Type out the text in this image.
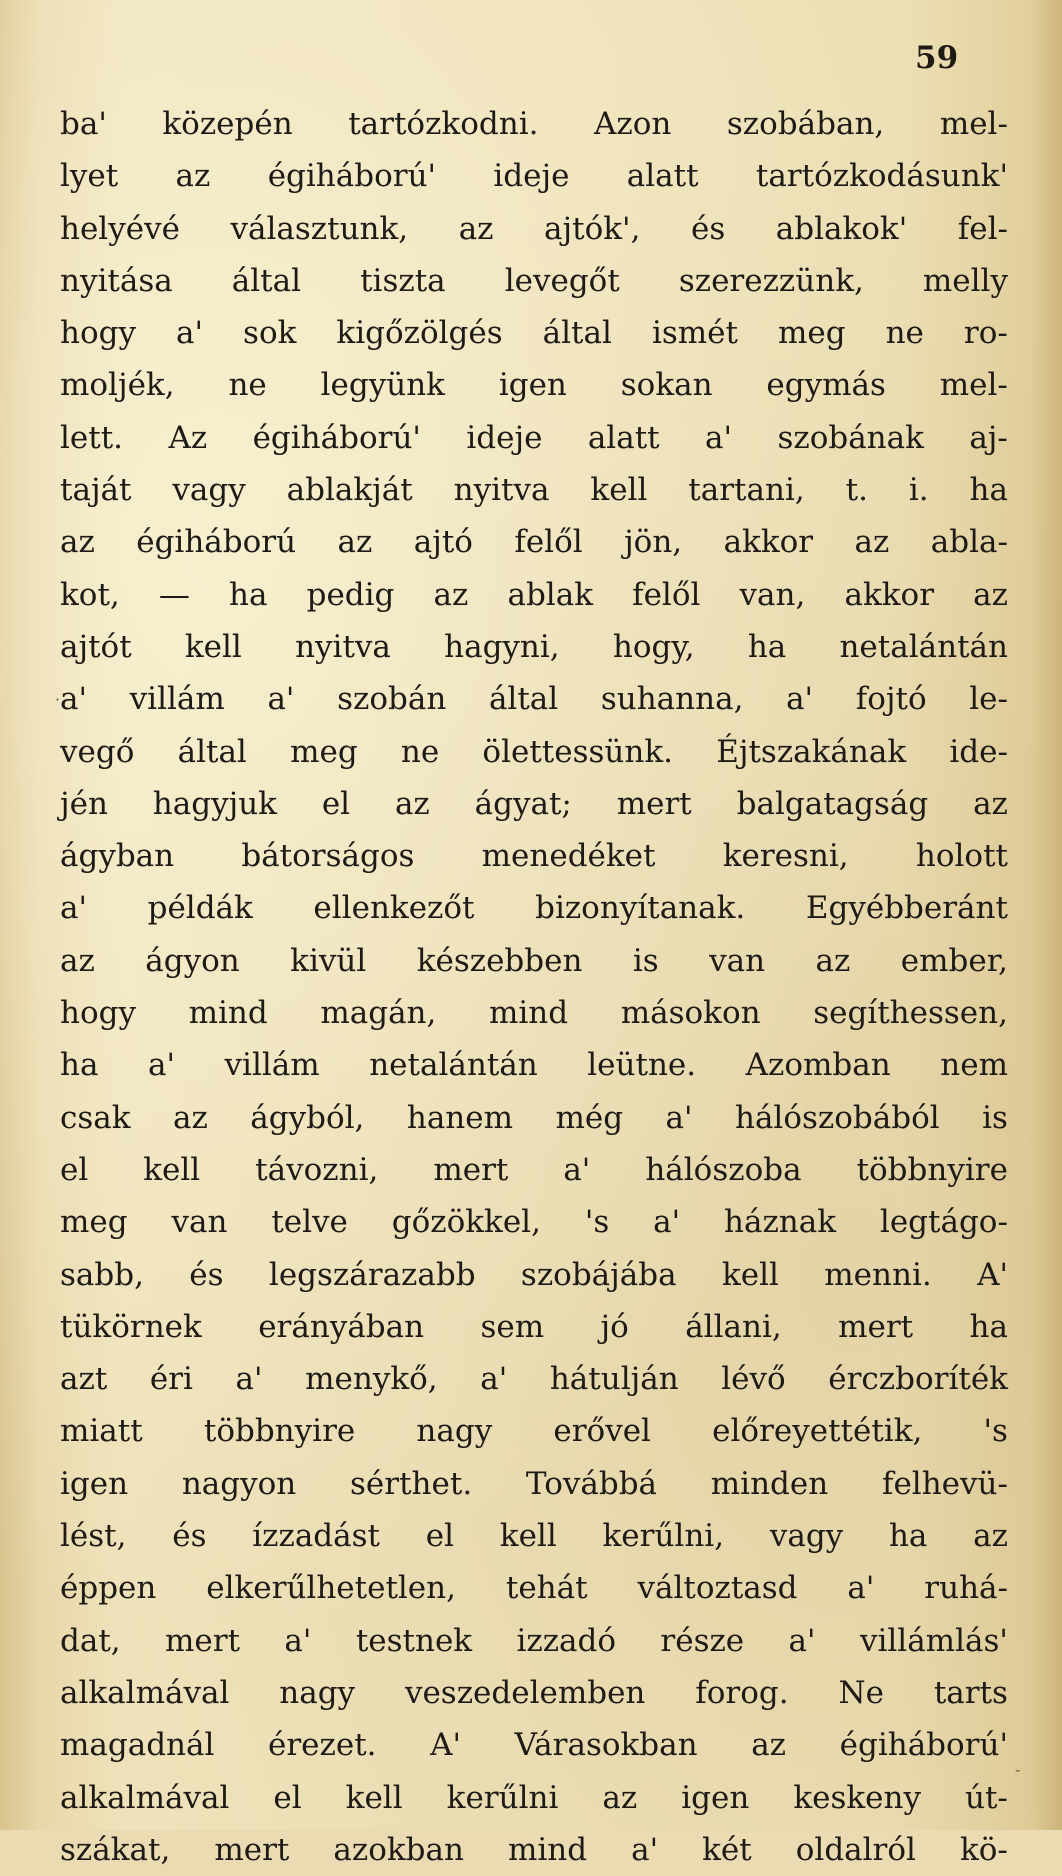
59
ba' közepén tartózkodni. Azon szobában, mel-
lyet az égiháború' ideje alatt tartózkodásunk'
helyévé választunk, az ajtók', és ablakok' fel-
nyitása által tiszta levegőt szerezzünk, melly
hogy a' sok kigőzölgés által ismét meg ne ro-
moljék, ne legyünk igen sokan egymás mel-
lett. Az égiháború' ideje alatt a' szobának aj-
taját vagy ablakját nyitva kell tartani, t. i. ha
az égiháború az ajtó felől jön, akkor az abla-
kot, — ha pedig az ablak felől van, akkor az
ajtót kell nyitva hagyni, hogy, ha netalántán
a' villám a' szobán által suhanna, a' fojtó le-
vegő által meg ne ölettessünk. Éjtszakának ide-
jén hagyjuk el az ágyat; mert balgatagság az
ágyban bátorságos menedéket keresni, holott
a' példák ellenkezőt bizonyítanak. Egyébberánt
az ágyon kivül készebben is van az ember,
hogy mind magán, mind másokon segíthessen,
ha a' villám netalántán leütne. Azomban nem
csak az ágyból, hanem még a' hálószobából is
el kell távozni, mert a' hálószoba többnyire
meg van telve gőzökkel, 's a' háznak legtágo-
sabb, és legszárazabb szobájába kell menni. A'
tükörnek erányában sem jó állani, mert ha
azt éri a' menykő, a' hátulján lévő érczboríték
miatt többnyire nagy erővel előreyettétik, 's
igen nagyon sérthet. Továbbá minden felhevü-
lést, és ízzadást el kell kerűlni, vagy ha az
éppen elkerűlhetetlen, tehát változtasd a' ruhá-
dat, mert a' testnek izzadó része a' villámlás'
alkalmával nagy veszedelemben forog. Ne tarts
magadnál érezet. A' Várasokban az égiháború'
alkalmával el kell kerűlni az igen keskeny út-
szákat, mert azokban mind a' két oldalról kö-
·
-
